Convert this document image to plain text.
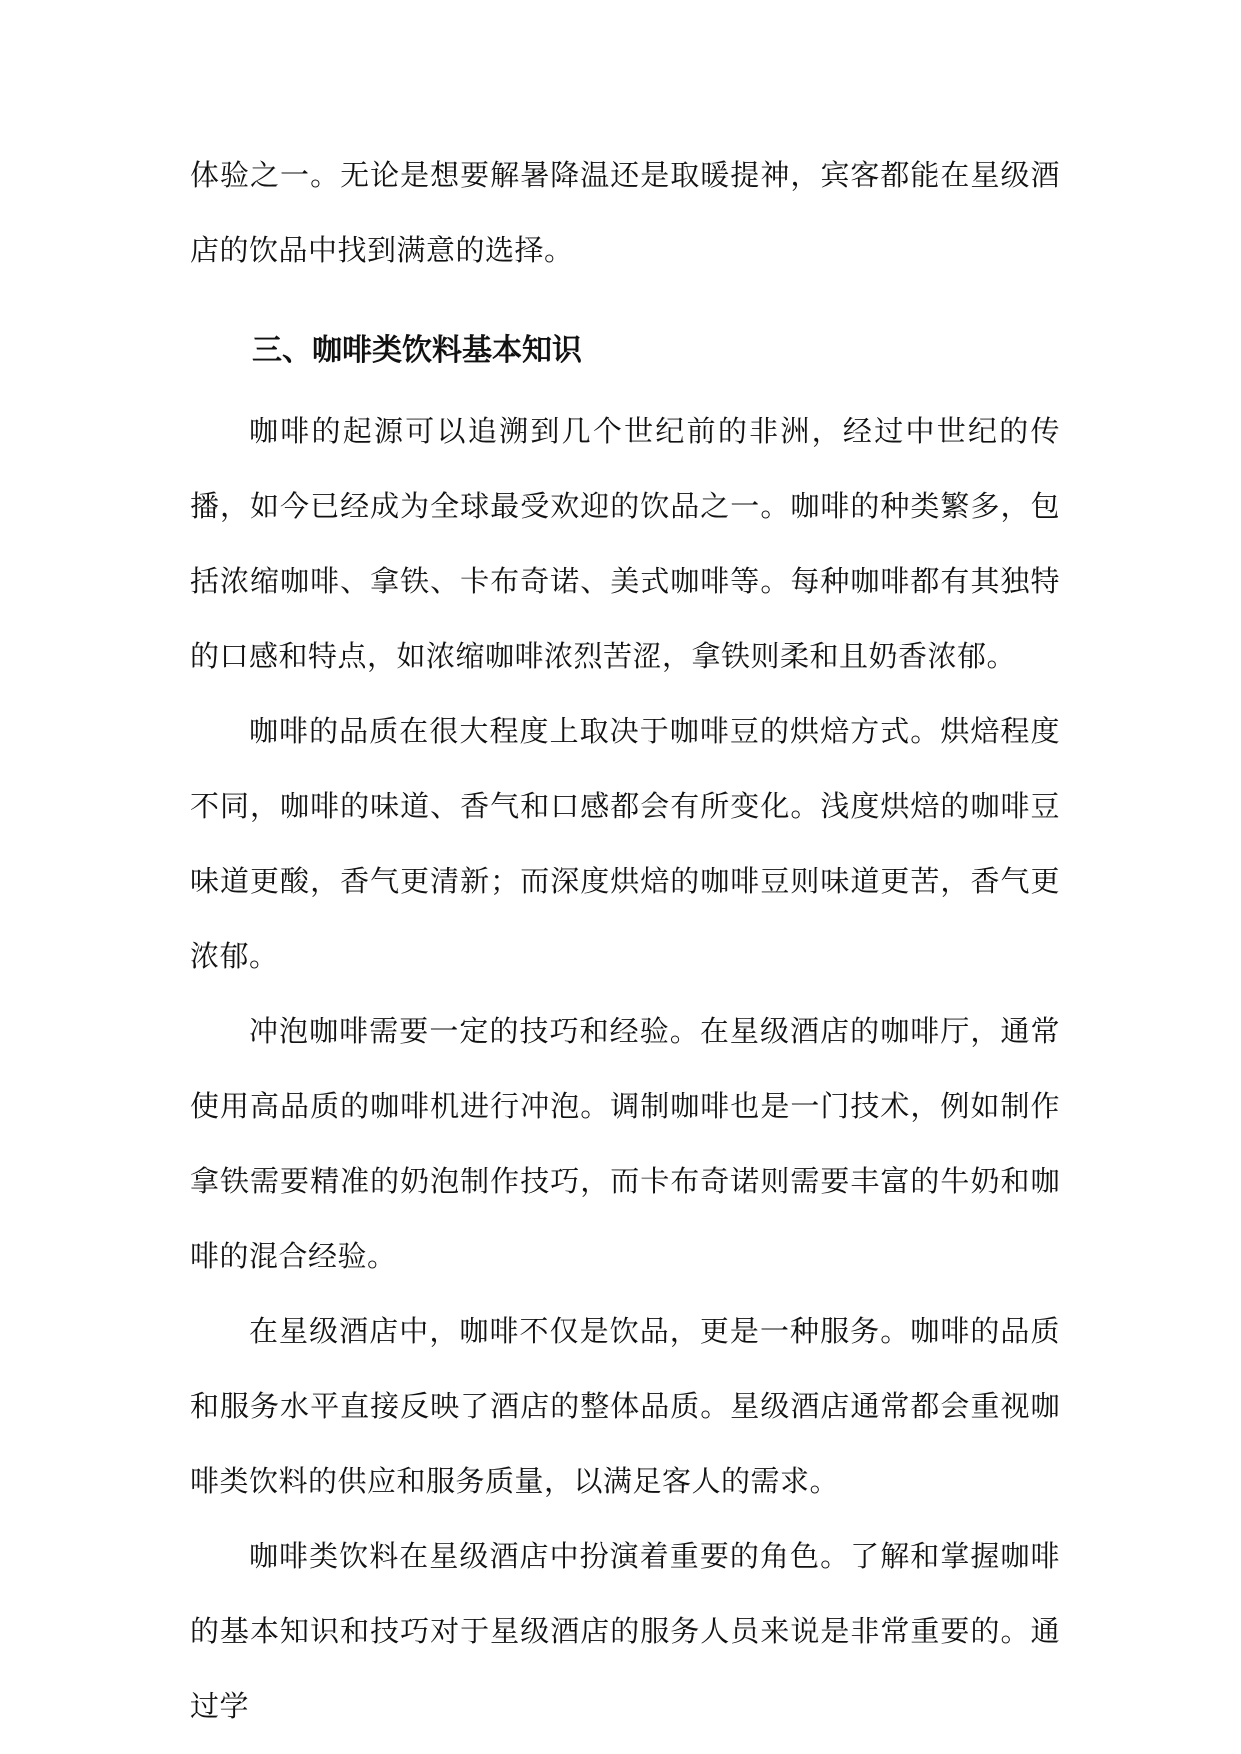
体验之一。无论是想要解暑降温还是取暖提神，宾客都能在星级酒店的饮品中找到满意的选择。

三、咖啡类饮料基本知识

咖啡的起源可以追溯到几个世纪前的非洲，经过中世纪的传播，如今已经成为全球最受欢迎的饮品之一。咖啡的种类繁多，包括浓缩咖啡、拿铁、卡布奇诺、美式咖啡等。每种咖啡都有其独特的口感和特点，如浓缩咖啡浓烈苦涩，拿铁则柔和且奶香浓郁。

咖啡的品质在很大程度上取决于咖啡豆的烘焙方式。烘焙程度不同，咖啡的味道、香气和口感都会有所变化。浅度烘焙的咖啡豆味道更酸，香气更清新；而深度烘焙的咖啡豆则味道更苦，香气更浓郁。

冲泡咖啡需要一定的技巧和经验。在星级酒店的咖啡厅，通常使用高品质的咖啡机进行冲泡。调制咖啡也是一门技术，例如制作拿铁需要精准的奶泡制作技巧，而卡布奇诺则需要丰富的牛奶和咖啡的混合经验。

在星级酒店中，咖啡不仅是饮品，更是一种服务。咖啡的品质和服务水平直接反映了酒店的整体品质。星级酒店通常都会重视咖啡类饮料的供应和服务质量，以满足客人的需求。

咖啡类饮料在星级酒店中扮演着重要的角色。了解和掌握咖啡的基本知识和技巧对于星级酒店的服务人员来说是非常重要的。通过学
